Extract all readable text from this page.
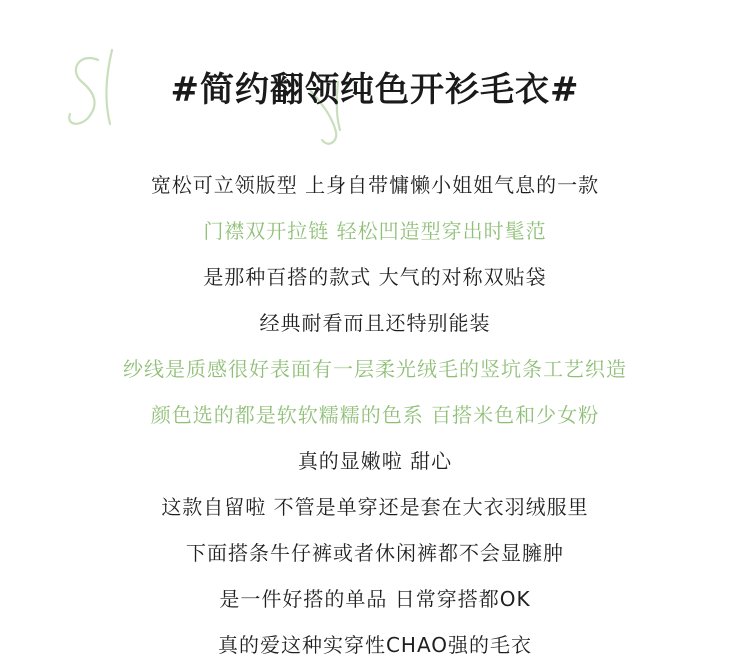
#简约翻领纯色开衫毛衣#
宽松可立领版型 上身自带慵懒小姐姐气息的一款
门襟双开拉链 轻松凹造型穿出时髦范
是那种百搭的款式 大气的对称双贴袋
经典耐看而且还特别能装
纱线是质感很好表面有一层柔光绒毛的竖坑条工艺织造
颜色选的都是软软糯糯的色系 百搭米色和少女粉
真的显嫩啦 甜心
这款自留啦 不管是单穿还是套在大衣羽绒服里
下面搭条牛仔裤或者休闲裤都不会显臃肿
是一件好搭的单品 日常穿搭都OK
真的爱这种实穿性CHAO强的毛衣
